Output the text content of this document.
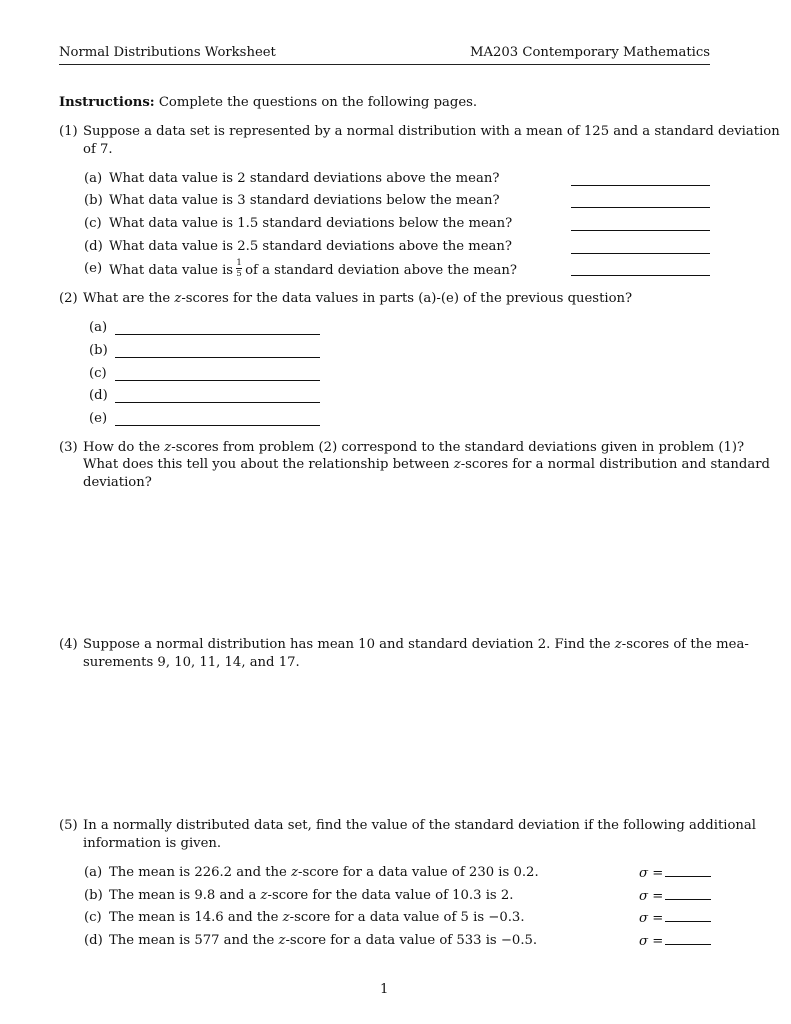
Normal Distributions Worksheet	MA203 Contemporary Mathematics
Instructions: Complete the questions on the following pages.
(1) Suppose a data set is represented by a normal distribution with a mean of 125 and a standard deviation
of 7.
(a) What data value is 2 standard deviations above the mean?
(b) What data value is 3 standard deviations below the mean?
(c) What data value is 1.5 standard deviations below the mean?
(d) What data value is 2.5 standard deviations above the mean?
(e) What data value is $\frac{1}{5}$ of a standard deviation above the mean?
(2) What are the z-scores for the data values in parts (a)-(e) of the previous question?
(a)
(b)
(c)
(d)
(e)
(3) How do the z-scores from problem (2) correspond to the standard deviations given in problem (1)?
What does this tell you about the relationship between z-scores for a normal distribution and standard
deviation?
(4) Suppose a normal distribution has mean 10 and standard deviation 2. Find the z-scores of the mea-
surements 9, 10, 11, 14, and 17.
(5) In a normally distributed data set, find the value of the standard deviation if the following additional
information is given.
(a) The mean is 226.2 and the z-score for a data value of 230 is 0.2.	σ =
(b) The mean is 9.8 and a z-score for the data value of 10.3 is 2.	σ =
(c) The mean is 14.6 and the z-score for a data value of 5 is −0.3.	σ =
(d) The mean is 577 and the z-score for a data value of 533 is −0.5.	σ =
1
